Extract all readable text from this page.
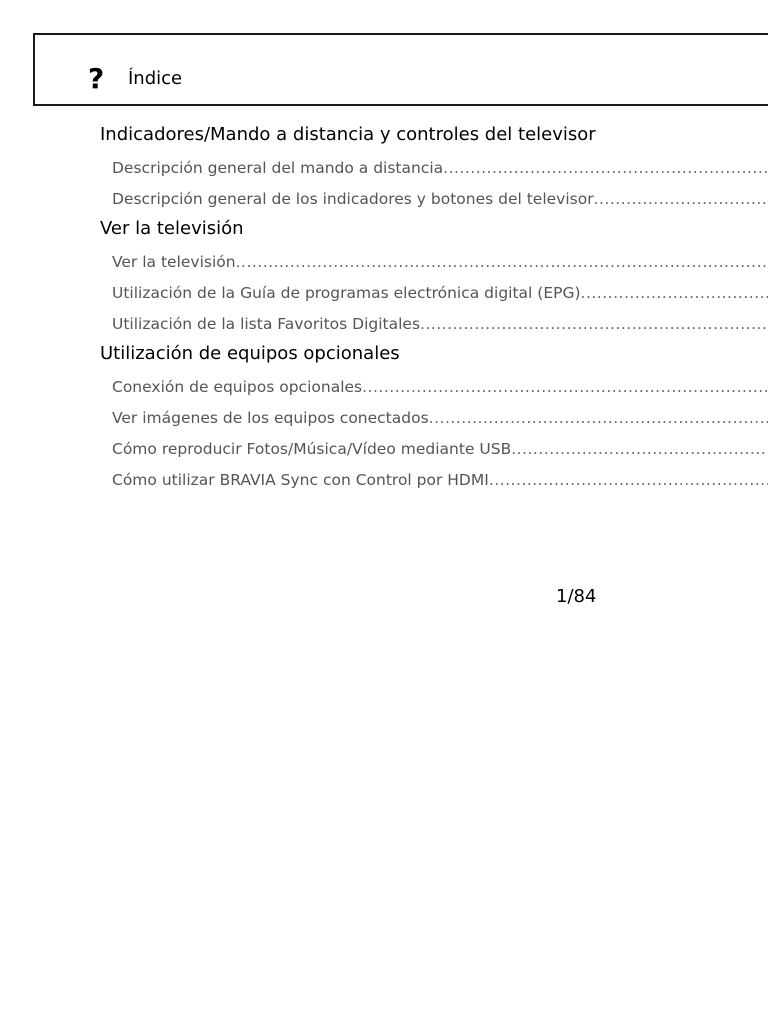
? Índice
Indicadores/Mando a distancia y controles del televisor
Descripción general del mando a distancia
.....
Descripción general de los indicadores y botones del televisor
.....
Ver la televisión
Ver la televisión
.....
Utilización de la Guía de programas electrónica digital (EPG)
.....
Utilización de la lista Favoritos Digitales
.....
Utilización de equipos opcionales
Conexión de equipos opcionales
.....
Ver imágenes de los equipos conectados
.....
Cómo reproducir Fotos/Música/Vídeo mediante USB
.....
Cómo utilizar BRAVIA Sync con Control por HDMI
.....
1/84
